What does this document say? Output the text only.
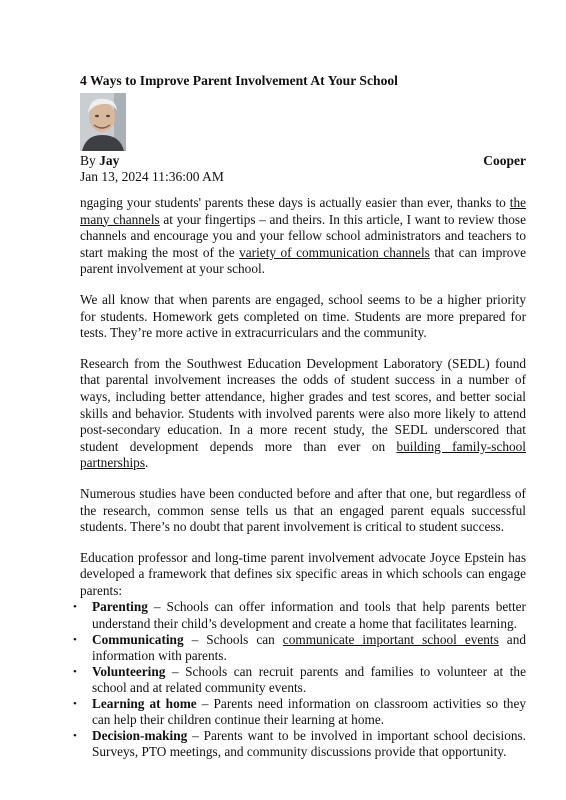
4 Ways to Improve Parent Involvement At Your School
By Jay	Cooper
Jan 13, 2024 11:36:00 AM

ngaging your students' parents these days is actually easier than ever, thanks to the many channels at your fingertips – and theirs. In this article, I want to review those channels and encourage you and your fellow school administrators and teachers to start making the most of the variety of communication channels that can improve parent involvement at your school.

We all know that when parents are engaged, school seems to be a higher priority for students. Homework gets completed on time. Students are more prepared for tests. They’re more active in extracurriculars and the community.

Research from the Southwest Education Development Laboratory (SEDL) found that parental involvement increases the odds of student success in a number of ways, including better attendance, higher grades and test scores, and better social skills and behavior. Students with involved parents were also more likely to attend post-secondary education. In a more recent study, the SEDL underscored that student development depends more than ever on building family-school partnerships.

Numerous studies have been conducted before and after that one, but regardless of the research, common sense tells us that an engaged parent equals successful students. There’s no doubt that parent involvement is critical to student success.

Education professor and long-time parent involvement advocate Joyce Epstein has developed a framework that defines six specific areas in which schools can engage parents:

• Parenting – Schools can offer information and tools that help parents better understand their child’s development and create a home that facilitates learning.
• Communicating – Schools can communicate important school events and information with parents.
• Volunteering – Schools can recruit parents and families to volunteer at the school and at related community events.
• Learning at home – Parents need information on classroom activities so they can help their children continue their learning at home.
• Decision-making – Parents want to be involved in important school decisions. Surveys, PTO meetings, and community discussions provide that opportunity.
